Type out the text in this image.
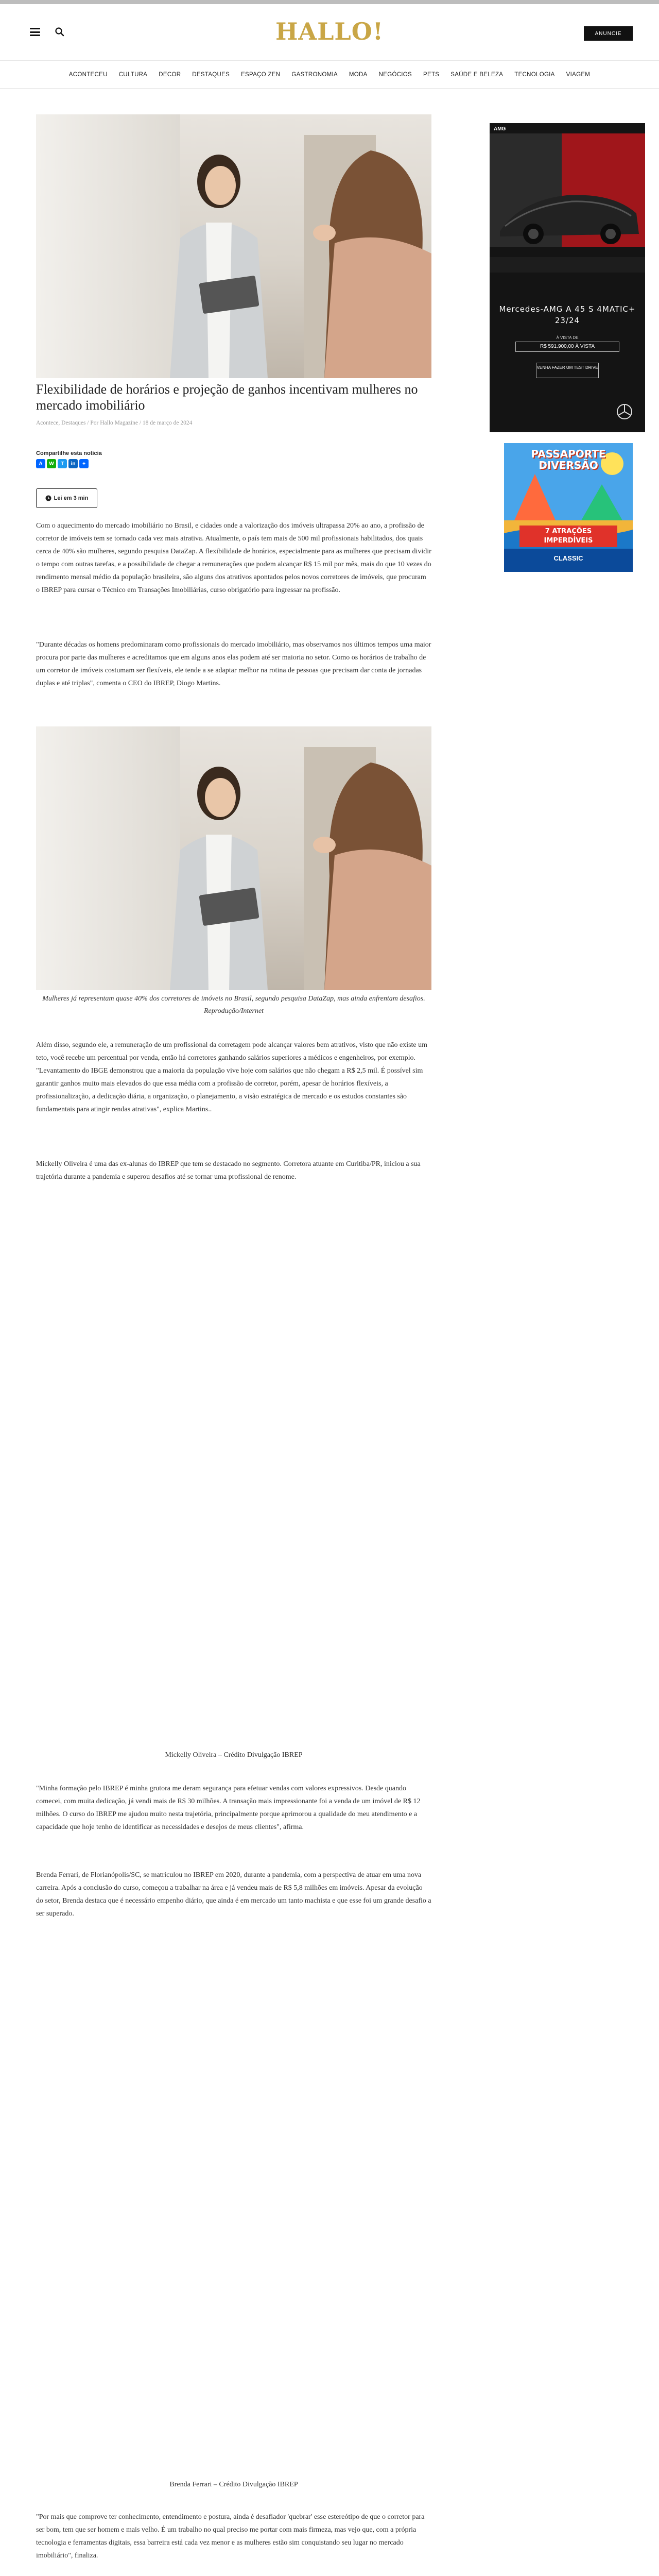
HALLO!	ANUNCIE
ACONTECEU	CULTURA	DECOR	DESTAQUES	ESPAÇO ZEN	GASTRONOMIA	MODA	NEGÓCIOS	PETS	SAÚDE E BELEZA	TECNOLOGIA	VIAGEM
Flexibilidade de horários e projeção de ganhos incentivam mulheres no mercado imobiliário
Acontece, Destaques / Por Hallo Magazine / 18 de março de 2024
Compartilhe esta notícia
A	W	T	in	+
Lei em 3 min

Com o aquecimento do mercado imobiliário no Brasil, e cidades onde a valorização dos imóveis ultrapassa 20% ao ano, a profissão de corretor de imóveis tem se tornado cada vez mais atrativa. Atualmente, o país tem mais de 500 mil profissionais habilitados, dos quais cerca de 40% são mulheres, segundo pesquisa DataZap. A flexibilidade de horários, especialmente para as mulheres que precisam dividir o tempo com outras tarefas, e a possibilidade de chegar a remunerações que podem alcançar R$ 15 mil por mês, mais do que 10 vezes do rendimento mensal médio da população brasileira, são alguns dos atrativos apontados pelos novos corretores de imóveis, que procuram o IBREP para cursar o Técnico em Transações Imobiliárias, curso obrigatório para ingressar na profissão.

"Durante décadas os homens predominaram como profissionais do mercado imobiliário, mas observamos nos últimos tempos uma maior procura por parte das mulheres e acreditamos que em alguns anos elas podem até ser maioria no setor. Como os horários de trabalho de um corretor de imóveis costumam ser flexíveis, ele tende a se adaptar melhor na rotina de pessoas que precisam dar conta de jornadas duplas e até triplas", comenta o CEO do IBREP, Diogo Martins.

Mulheres já representam quase 40% dos corretores de imóveis no Brasil, segundo pesquisa DataZap, mas ainda enfrentam desafios. Reprodução/Internet

Além disso, segundo ele, a remuneração de um profissional da corretagem pode alcançar valores bem atrativos, visto que não existe um teto, você recebe um percentual por venda, então há corretores ganhando salários superiores a médicos e engenheiros, por exemplo. "Levantamento do IBGE demonstrou que a maioria da população vive hoje com salários que não chegam a R$ 2,5 mil. É possível sim garantir ganhos muito mais elevados do que essa média com a profissão de corretor, porém, apesar de horários flexíveis, a profissionalização, a dedicação diária, a organização, o planejamento, a visão estratégica de mercado e os estudos constantes são fundamentais para atingir rendas atrativas", explica Martins..

Mickelly Oliveira é uma das ex-alunas do IBREP que tem se destacado no segmento. Corretora atuante em Curitiba/PR, iniciou a sua trajetória durante a pandemia e superou desafios até se tornar uma profissional de renome.

Mickelly Oliveira – Crédito Divulgação IBREP

"Minha formação pelo IBREP é minha grutora me deram segurança para efetuar vendas com valores expressivos. Desde quando comecei, com muita dedicação, já vendi mais de R$ 30 milhões. A transação mais impressionante foi a venda de um imóvel de R$ 12 milhões. O curso do IBREP me ajudou muito nesta trajetória, principalmente porque aprimorou a qualidade do meu atendimento e a capacidade que hoje tenho de identificar as necessidades e desejos de meus clientes", afirma.

Brenda Ferrari, de Florianópolis/SC, se matriculou no IBREP em 2020, durante a pandemia, com a perspectiva de atuar em uma nova carreira. Após a conclusão do curso, começou a trabalhar na área e já vendeu mais de R$ 5,8 milhões em imóveis. Apesar da evolução do setor, Brenda destaca que é necessário empenho diário, que ainda é em mercado um tanto machista e que esse foi um grande desafio a ser superado.

Brenda Ferrari – Crédito Divulgação IBREP

"Por mais que comprove ter conhecimento, entendimento e postura, ainda é desafiador 'quebrar' esse estereótipo de que o corretor para ser bom, tem que ser homem e mais velho. É um trabalho no qual preciso me portar com mais firmeza, mas vejo que, com a própria tecnologia e ferramentas digitais, essa barreira está cada vez menor e as mulheres estão sim conquistando seu lugar no mercado imobiliário", finaliza.

AMG
Mercedes-AMG A 45 S 4MATIC+ 23/24
À VISTA DE
R$ 591.900,00 À VISTA
VENHA FAZER UM TEST DRIVE
PASSAPORTE DIVERSÃO
7 ATRAÇÕES IMPERDÍVEIS
CLASSIC
